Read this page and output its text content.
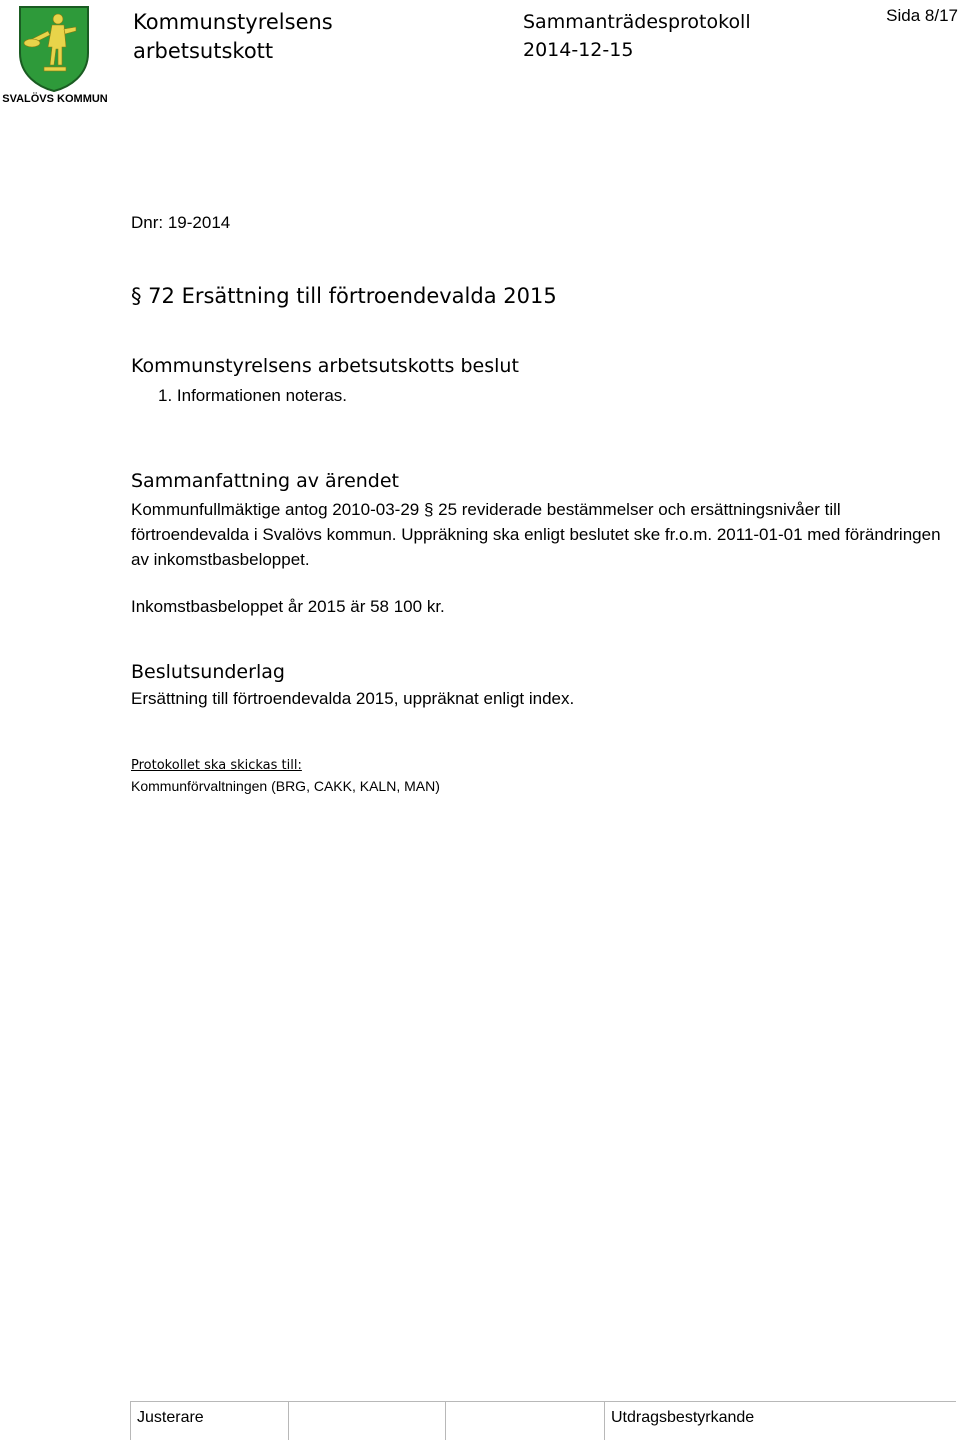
SVALÖVS KOMMUN
Kommunstyrelsens
arbetsutskott
Sammanträdesprotokoll
2014-12-15
Sida 8/17
Dnr: 19-2014
§ 72 Ersättning till förtroendevalda 2015
Kommunstyrelsens arbetsutskotts beslut
1. Informationen noteras.
Sammanfattning av ärendet
Kommunfullmäktige antog 2010-03-29 § 25 reviderade bestämmelser och ersättningsnivåer till förtroendevalda i Svalövs kommun. Uppräkning ska enligt beslutet ske fr.o.m. 2011-01-01 med förändringen av inkomstbasbeloppet.
Inkomstbasbeloppet år 2015 är 58 100 kr.
Beslutsunderlag
Ersättning till förtroendevalda 2015, uppräknat enligt index.
Protokollet ska skickas till:
Kommunförvaltningen (BRG, CAKK, KALN, MAN)
Justerare	Utdragsbestyrkande
